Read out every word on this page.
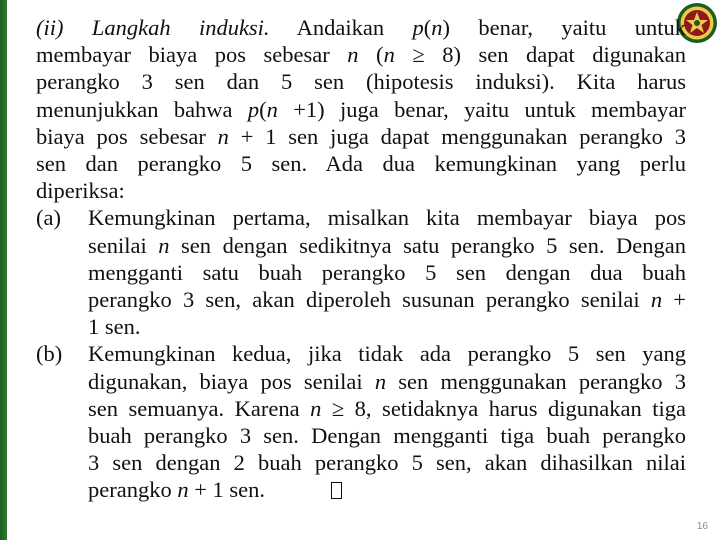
(ii) Langkah induksi. Andaikan p(n) benar, yaitu untuk
membayar biaya pos sebesar n (n ≥ 8) sen dapat digunakan
perangko 3 sen dan 5 sen (hipotesis induksi). Kita harus
menunjukkan bahwa p(n +1) juga benar, yaitu untuk membayar
biaya pos sebesar n + 1 sen juga dapat menggunakan perangko 3
sen dan perangko 5 sen. Ada dua kemungkinan yang perlu
diperiksa:
(a)	Kemungkinan pertama, misalkan kita membayar biaya pos
senilai n sen dengan sedikitnya satu perangko 5 sen. Dengan
mengganti satu buah perangko 5 sen dengan dua buah
perangko 3 sen, akan diperoleh susunan perangko senilai n +
1 sen.
(b)	Kemungkinan kedua, jika tidak ada perangko 5 sen yang
digunakan, biaya pos senilai n sen menggunakan perangko 3
sen semuanya. Karena n ≥ 8, setidaknya harus digunakan tiga
buah perangko 3 sen. Dengan mengganti tiga buah perangko
3 sen dengan 2 buah perangko 5 sen, akan dihasilkan nilai
perangko n + 1 sen.
16
